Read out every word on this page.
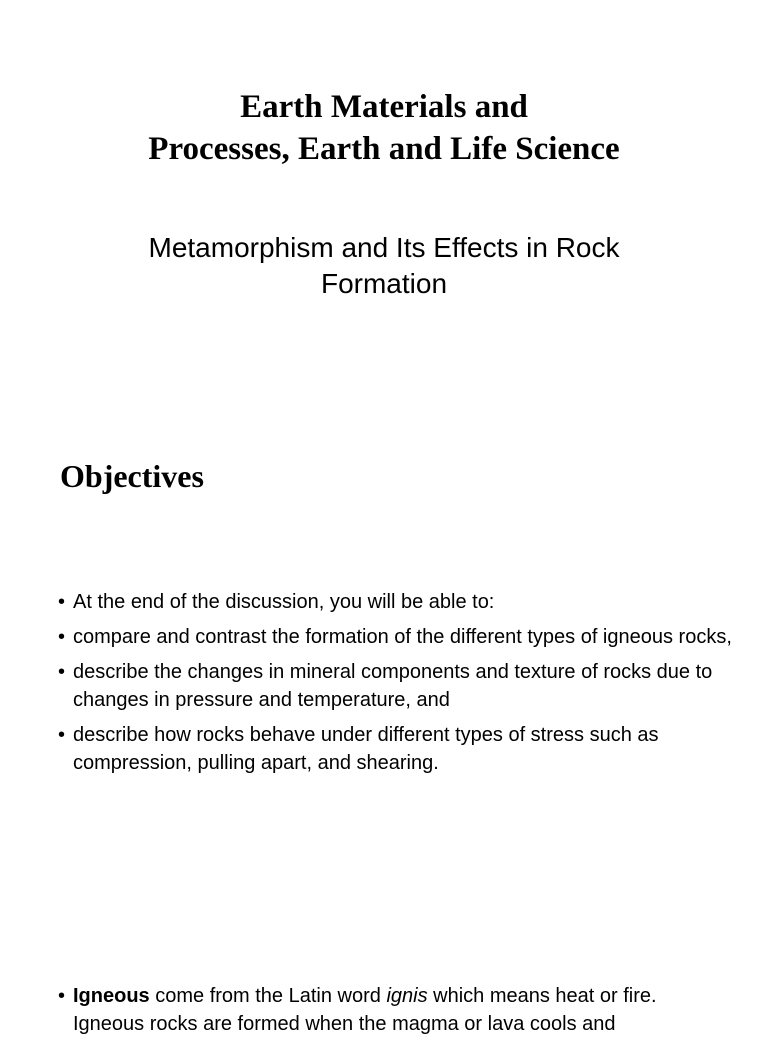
Earth Materials and
Processes, Earth and Life Science
Metamorphism and Its Effects in Rock
Formation
Objectives
• At the end of the discussion, you will be able to:
• compare and contrast the formation of the different types of igneous rocks,
• describe the changes in mineral components and texture of rocks due to changes in pressure and temperature, and
• describe how rocks behave under different types of stress such as compression, pulling apart, and shearing.
• Igneous come from the Latin word ignis which means heat or fire.
Igneous rocks are formed when the magma or lava cools and
